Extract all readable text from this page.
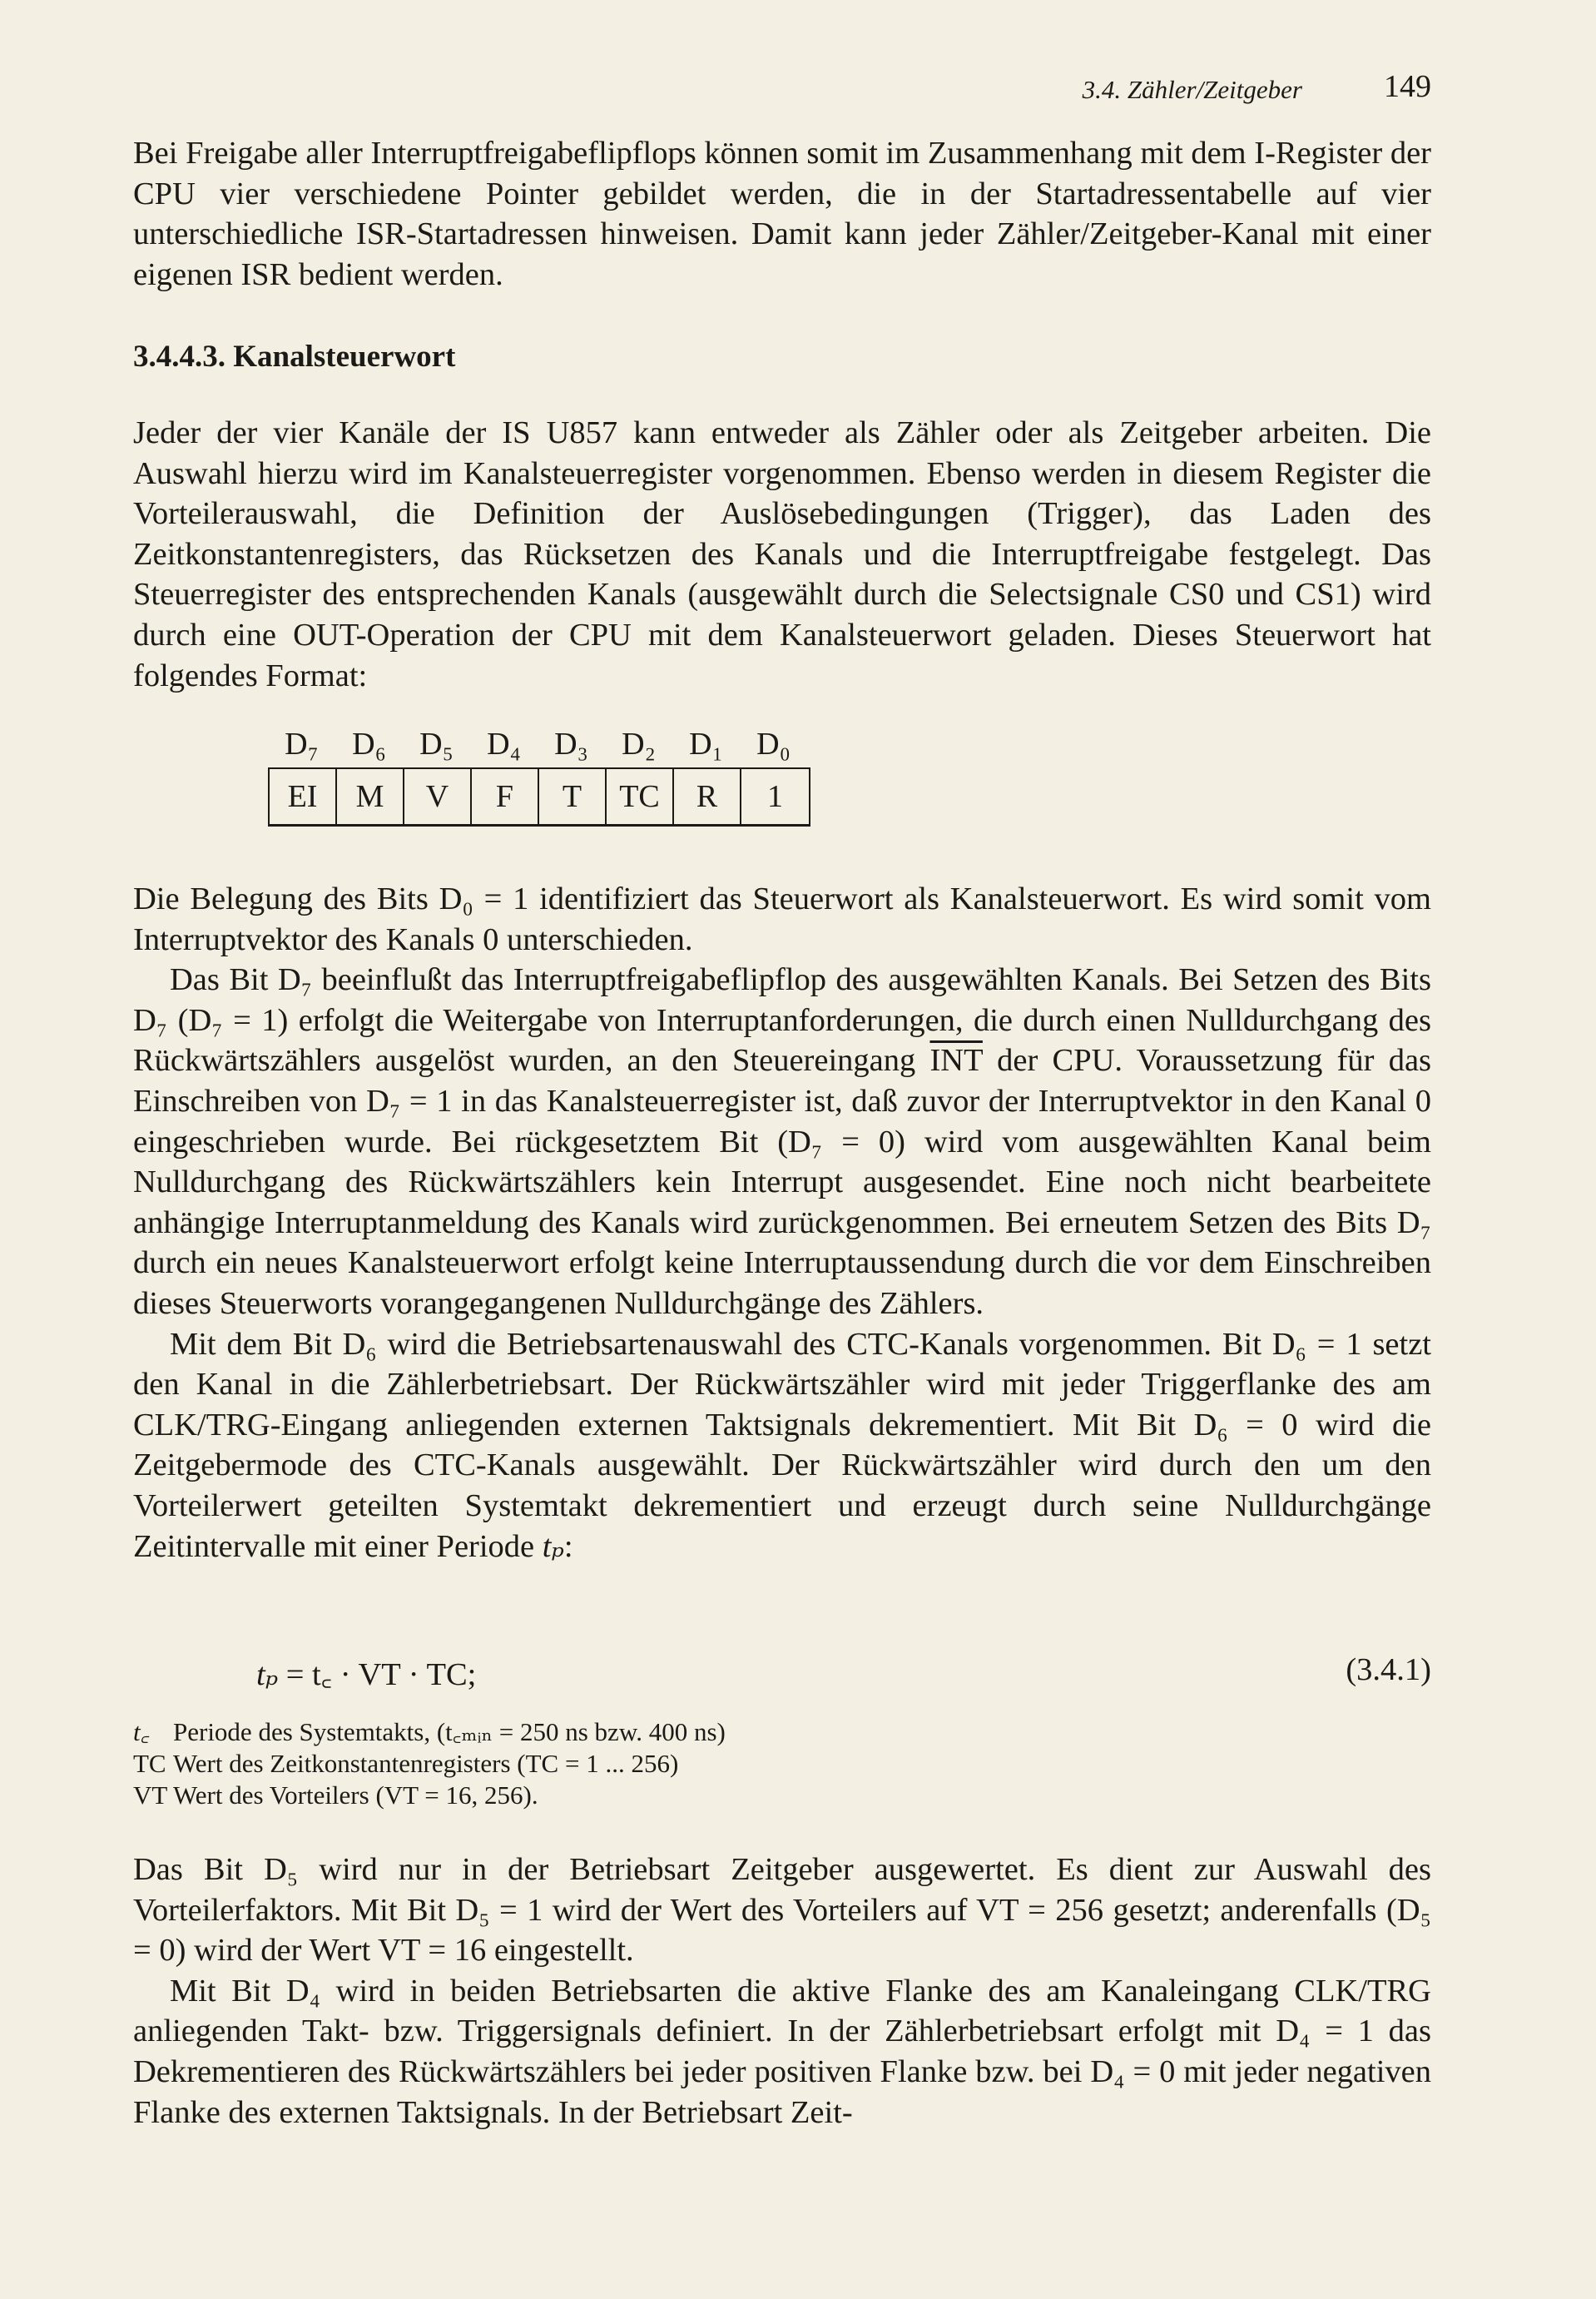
3.4. Zähler/Zeitgeber	149

Bei Freigabe aller Interruptfreigabeflipflops können somit im Zusammenhang mit dem I-Register der CPU vier verschiedene Pointer gebildet werden, die in der Startadressentabelle auf vier unterschiedliche ISR-Startadressen hinweisen. Damit kann jeder Zähler/Zeitgeber-Kanal mit einer eigenen ISR bedient werden.

3.4.4.3. Kanalsteuerwort

Jeder der vier Kanäle der IS U857 kann entweder als Zähler oder als Zeitgeber arbeiten. Die Auswahl hierzu wird im Kanalsteuerregister vorgenommen. Ebenso werden in diesem Register die Vorteilerauswahl, die Definition der Auslösebedingungen (Trigger), das Laden des Zeitkonstantenregisters, das Rücksetzen des Kanals und die Interruptfreigabe festgelegt. Das Steuerregister des entsprechenden Kanals (ausgewählt durch die Selectsignale CS0 und CS1) wird durch eine OUT-Operation der CPU mit dem Kanalsteuerwort geladen. Dieses Steuerwort hat folgendes Format:

D₇	D₆	D₅	D₄	D₃	D₂	D₁	D₀
EI	M	V	F	T	TC	R	1

Die Belegung des Bits D₀ = 1 identifiziert das Steuerwort als Kanalsteuerwort. Es wird somit vom Interruptvektor des Kanals 0 unterschieden.

Das Bit D₇ beeinflußt das Interruptfreigabeflipflop des ausgewählten Kanals. Bei Setzen des Bits D₇ (D₇ = 1) erfolgt die Weitergabe von Interruptanforderungen, die durch einen Nulldurchgang des Rückwärtszählers ausgelöst wurden, an den Steuereingang $\overline{INT}$ der CPU. Voraussetzung für das Einschreiben von D₇ = 1 in das Kanalsteuerregister ist, daß zuvor der Interruptvektor in den Kanal 0 eingeschrieben wurde. Bei rückgesetztem Bit (D₇ = 0) wird vom ausgewählten Kanal beim Nulldurchgang des Rückwärtszählers kein Interrupt ausgesendet. Eine noch nicht bearbeitete anhängige Interruptanmeldung des Kanals wird zurückgenommen. Bei erneutem Setzen des Bits D₇ durch ein neues Kanalsteuerwort erfolgt keine Interruptaussendung durch die vor dem Einschreiben dieses Steuerworts vorangegangenen Nulldurchgänge des Zählers.

Mit dem Bit D₆ wird die Betriebsartenauswahl des CTC-Kanals vorgenommen. Bit D₆ = 1 setzt den Kanal in die Zählerbetriebsart. Der Rückwärtszähler wird mit jeder Triggerflanke des am CLK/TRG-Eingang anliegenden externen Taktsignals dekrementiert. Mit Bit D₆ = 0 wird die Zeitgebermode des CTC-Kanals ausgewählt. Der Rückwärtszähler wird durch den um den Vorteilerwert geteilten Systemtakt dekrementiert und erzeugt durch seine Nulldurchgänge Zeitintervalle mit einer Periode tₚ:

tₚ = t꜀ · VT · TC;	(3.4.1)
t꜀ Periode des Systemtakts, (t꜀ₘᵢₙ = 250 ns bzw. 400 ns)
TC Wert des Zeitkonstantenregisters (TC = 1 ... 256)
VT Wert des Vorteilers (VT = 16, 256).

Das Bit D₅ wird nur in der Betriebsart Zeitgeber ausgewertet. Es dient zur Auswahl des Vorteilerfaktors. Mit Bit D₅ = 1 wird der Wert des Vorteilers auf VT = 256 gesetzt; anderenfalls (D₅ = 0) wird der Wert VT = 16 eingestellt.

Mit Bit D₄ wird in beiden Betriebsarten die aktive Flanke des am Kanaleingang CLK/TRG anliegenden Takt- bzw. Triggersignals definiert. In der Zählerbetriebsart erfolgt mit D₄ = 1 das Dekrementieren des Rückwärtszählers bei jeder positiven Flanke bzw. bei D₄ = 0 mit jeder negativen Flanke des externen Taktsignals. In der Betriebsart Zeit-
